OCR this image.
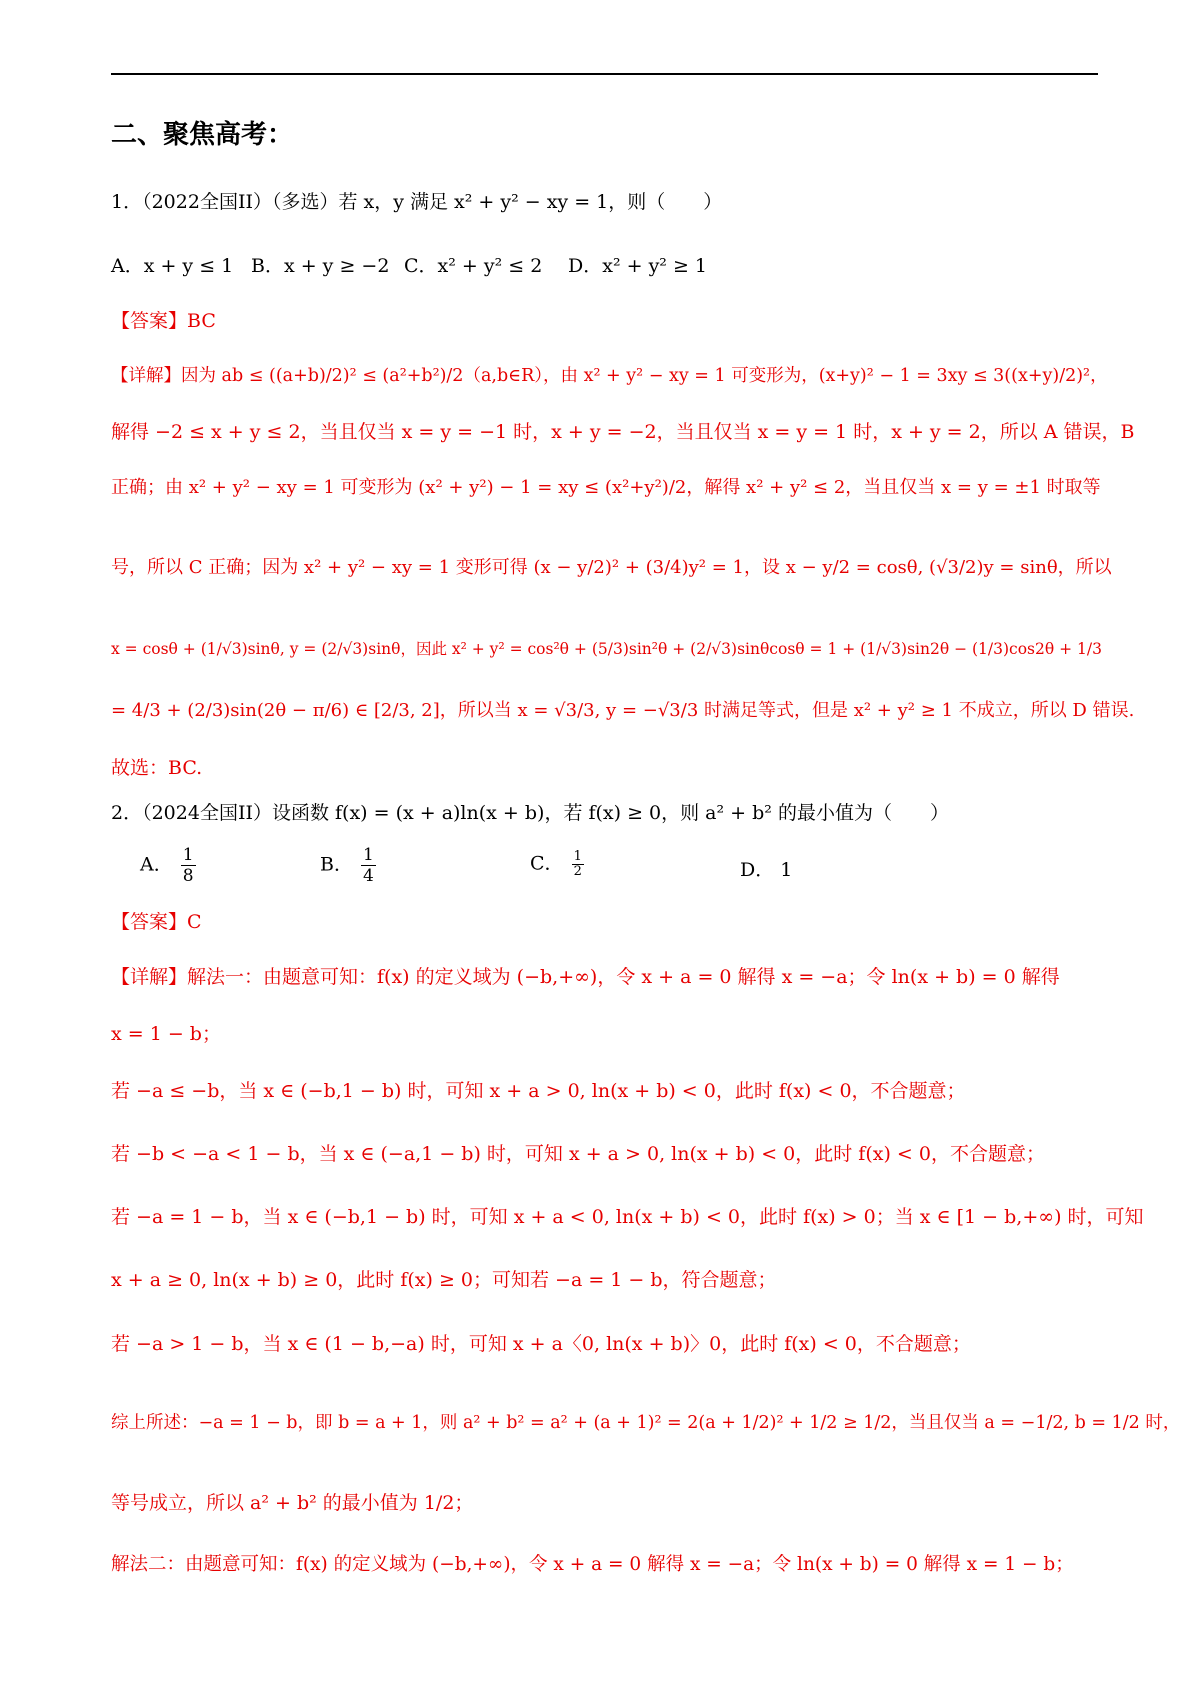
二、聚焦高考：
1．（2022全国II）（多选）若 x，y 满足 x² + y² − xy = 1，则（　　）
A．x + y ≤ 1 B．x + y ≥ −2 C．x² + y² ≤ 2 D．x² + y² ≥ 1
【答案】BC
【详解】因为 ab ≤ ((a+b)/2)² ≤ (a²+b²)/2（a,b∈R），由 x² + y² − xy = 1 可变形为，(x+y)² − 1 = 3xy ≤ 3((x+y)/2)²，
解得 −2 ≤ x + y ≤ 2，当且仅当 x = y = −1 时，x + y = −2，当且仅当 x = y = 1 时，x + y = 2，所以 A 错误，B
正确；由 x² + y² − xy = 1 可变形为 (x² + y²) − 1 = xy ≤ (x²+y²)/2，解得 x² + y² ≤ 2，当且仅当 x = y = ±1 时取等
号，所以 C 正确；因为 x² + y² − xy = 1 变形可得 (x − y/2)² + (3/4)y² = 1，设 x − y/2 = cosθ, (√3/2)y = sinθ，所以
x = cosθ + (1/√3)sinθ, y = (2/√3)sinθ，因此 x² + y² = cos²θ + (5/3)sin²θ + (2/√3)sinθcosθ = 1 + (1/√3)sin2θ − (1/3)cos2θ + 1/3
= 4/3 + (2/3)sin(2θ − π/6) ∈ [2/3, 2]，所以当 x = √3/3, y = −√3/3 时满足等式，但是 x² + y² ≥ 1 不成立，所以 D 错误.
故选：BC.
2．（2024全国II）设函数 f(x) = (x + a)ln(x + b)，若 f(x) ≥ 0，则 a² + b² 的最小值为（　　）
A． $\frac{1}{8}$	B． $\frac{1}{4}$	C． $\frac{1}{2}$	D． 1
【答案】C
【详解】解法一：由题意可知：f(x) 的定义域为 (−b,+∞)，令 x + a = 0 解得 x = −a；令 ln(x + b) = 0 解得
x = 1 − b；
若 −a ≤ −b，当 x ∈ (−b,1 − b) 时，可知 x + a > 0, ln(x + b) < 0，此时 f(x) < 0，不合题意；
若 −b < −a < 1 − b，当 x ∈ (−a,1 − b) 时，可知 x + a > 0, ln(x + b) < 0，此时 f(x) < 0，不合题意；
若 −a = 1 − b，当 x ∈ (−b,1 − b) 时，可知 x + a < 0, ln(x + b) < 0，此时 f(x) > 0；当 x ∈ [1 − b,+∞) 时，可知
x + a ≥ 0, ln(x + b) ≥ 0，此时 f(x) ≥ 0；可知若 −a = 1 − b，符合题意；
若 −a > 1 − b，当 x ∈ (1 − b,−a) 时，可知 x + a〈0, ln(x + b)〉0，此时 f(x) < 0，不合题意；
综上所述：−a = 1 − b，即 b = a + 1，则 a² + b² = a² + (a + 1)² = 2(a + 1/2)² + 1/2 ≥ 1/2，当且仅当 a = −1/2, b = 1/2 时，
等号成立，所以 a² + b² 的最小值为 1/2；
解法二：由题意可知：f(x) 的定义域为 (−b,+∞)，令 x + a = 0 解得 x = −a；令 ln(x + b) = 0 解得 x = 1 − b；
